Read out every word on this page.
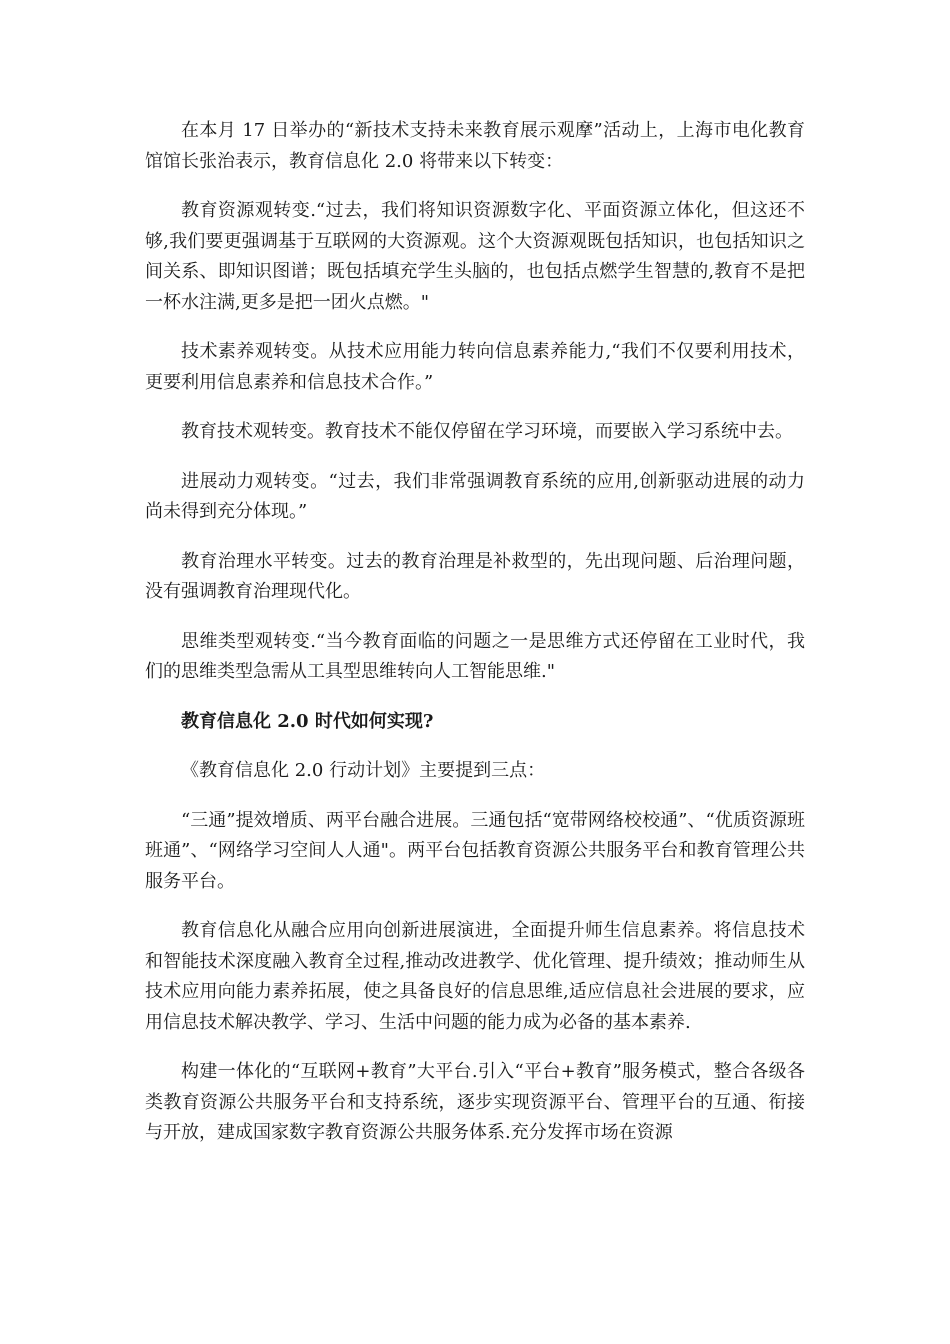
在本月 17 日举办的“新技术支持未来教育展示观摩”活动上，上海市电化教育馆馆长张治表示，教育信息化 2.0 将带来以下转变：

教育资源观转变.“过去，我们将知识资源数字化、平面资源立体化，但这还不够,我们要更强调基于互联网的大资源观。这个大资源观既包括知识，也包括知识之间关系、即知识图谱；既包括填充学生头脑的，也包括点燃学生智慧的,教育不是把一杯水注满,更多是把一团火点燃。"

技术素养观转变。从技术应用能力转向信息素养能力,“我们不仅要利用技术，更要利用信息素养和信息技术合作。”

教育技术观转变。教育技术不能仅停留在学习环境，而要嵌入学习系统中去。

进展动力观转变。“过去，我们非常强调教育系统的应用,创新驱动进展的动力尚未得到充分体现。”

教育治理水平转变。过去的教育治理是补救型的，先出现问题、后治理问题，没有强调教育治理现代化。

思维类型观转变.“当今教育面临的问题之一是思维方式还停留在工业时代，我们的思维类型急需从工具型思维转向人工智能思维."

教育信息化 2.0 时代如何实现?

《教育信息化 2.0 行动计划》主要提到三点：

“三通”提效增质、两平台融合进展。三通包括“宽带网络校校通”、“优质资源班班通”、“网络学习空间人人通"。两平台包括教育资源公共服务平台和教育管理公共服务平台。

教育信息化从融合应用向创新进展演进，全面提升师生信息素养。将信息技术和智能技术深度融入教育全过程,推动改进教学、优化管理、提升绩效；推动师生从技术应用向能力素养拓展，使之具备良好的信息思维,适应信息社会进展的要求，应用信息技术解决教学、学习、生活中问题的能力成为必备的基本素养.

构建一体化的“互联网+教育”大平台.引入“平台+教育”服务模式，整合各级各类教育资源公共服务平台和支持系统，逐步实现资源平台、管理平台的互通、衔接与开放，建成国家数字教育资源公共服务体系.充分发挥市场在资源
